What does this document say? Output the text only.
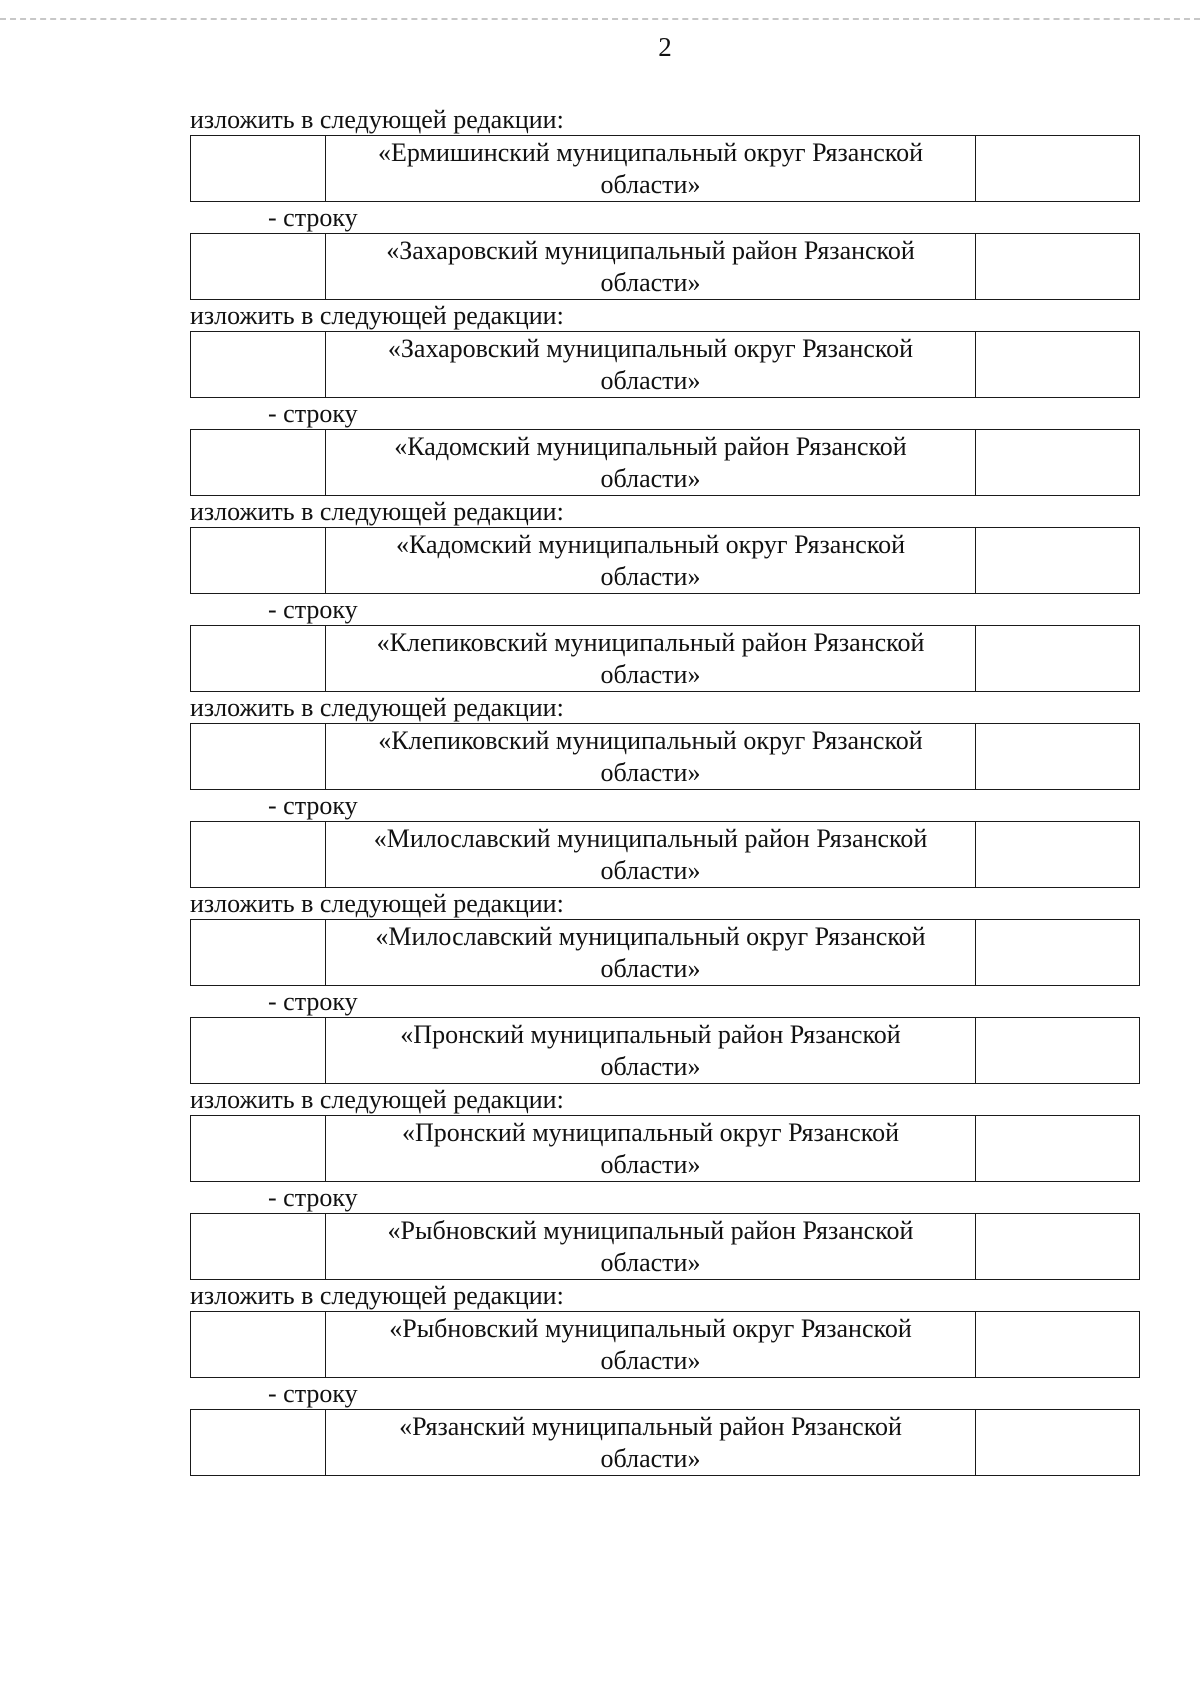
2

изложить в следующей редакции:

«Ермишинский муниципальный округ Рязанской
области»

- строку

«Захаровский муниципальный район Рязанской
области»

изложить в следующей редакции:

«Захаровский муниципальный округ Рязанской
области»

- строку

«Кадомский муниципальный район Рязанской
области»

изложить в следующей редакции:

«Кадомский муниципальный округ Рязанской
области»

- строку

«Клепиковский муниципальный район Рязанской
области»

изложить в следующей редакции:

«Клепиковский муниципальный округ Рязанской
области»

- строку

«Милославский муниципальный район Рязанской
области»

изложить в следующей редакции:

«Милославский муниципальный округ Рязанской
области»

- строку

«Пронский муниципальный район Рязанской
области»

изложить в следующей редакции:

«Пронский муниципальный округ Рязанской
области»

- строку

«Рыбновский муниципальный район Рязанской
области»

изложить в следующей редакции:

«Рыбновский муниципальный округ Рязанской
области»

- строку

«Рязанский муниципальный район Рязанской
области»
